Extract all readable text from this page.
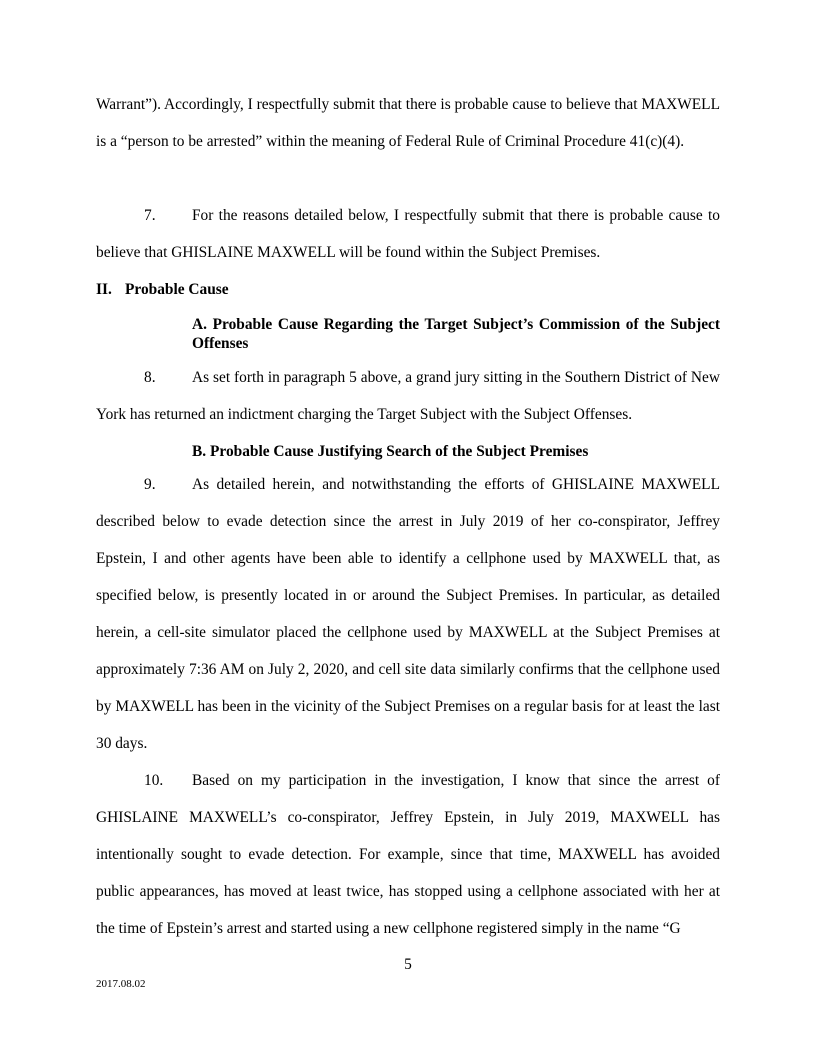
Warrant”). Accordingly, I respectfully submit that there is probable cause to believe that MAXWELL is a “person to be arrested” within the meaning of Federal Rule of Criminal Procedure 41(c)(4).

7. For the reasons detailed below, I respectfully submit that there is probable cause to believe that GHISLAINE MAXWELL will be found within the Subject Premises.

II. Probable Cause

A. Probable Cause Regarding the Target Subject’s Commission of the Subject Offenses

8. As set forth in paragraph 5 above, a grand jury sitting in the Southern District of New York has returned an indictment charging the Target Subject with the Subject Offenses.

B. Probable Cause Justifying Search of the Subject Premises

9. As detailed herein, and notwithstanding the efforts of GHISLAINE MAXWELL described below to evade detection since the arrest in July 2019 of her co-conspirator, Jeffrey Epstein, I and other agents have been able to identify a cellphone used by MAXWELL that, as specified below, is presently located in or around the Subject Premises. In particular, as detailed herein, a cell-site simulator placed the cellphone used by MAXWELL at the Subject Premises at approximately 7:36 AM on July 2, 2020, and cell site data similarly confirms that the cellphone used by MAXWELL has been in the vicinity of the Subject Premises on a regular basis for at least the last 30 days.

10. Based on my participation in the investigation, I know that since the arrest of GHISLAINE MAXWELL’s co-conspirator, Jeffrey Epstein, in July 2019, MAXWELL has intentionally sought to evade detection. For example, since that time, MAXWELL has avoided public appearances, has moved at least twice, has stopped using a cellphone associated with her at the time of Epstein’s arrest and started using a new cellphone registered simply in the name “G

5
2017.08.02
